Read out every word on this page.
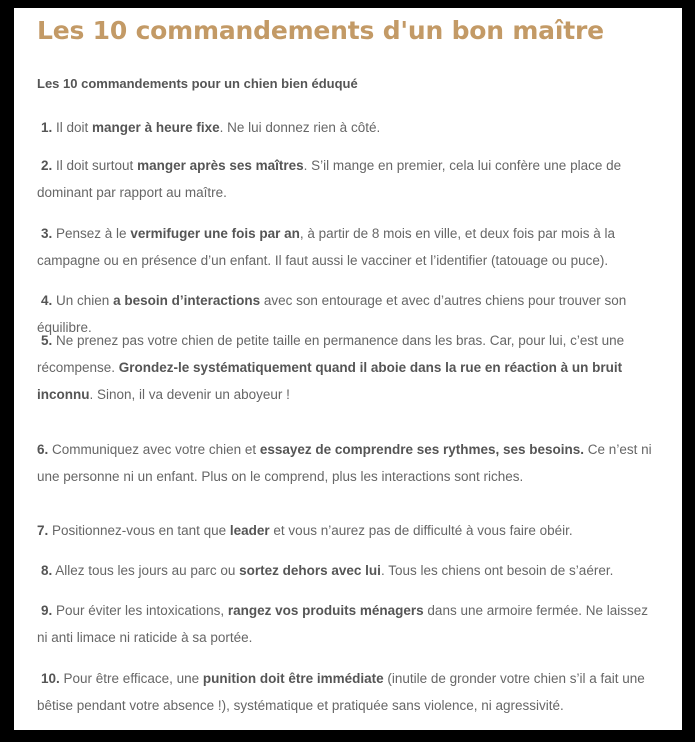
Les 10 commandements d'un bon maître
Les 10 commandements pour un chien bien éduqué

1. Il doit manger à heure fixe. Ne lui donnez rien à côté.

2. Il doit surtout manger après ses maîtres. S’il mange en premier, cela lui confère une place de dominant par rapport au maître.

3. Pensez à le vermifuger une fois par an, à partir de 8 mois en ville, et deux fois par mois à la campagne ou en présence d’un enfant. Il faut aussi le vacciner et l’identifier (tatouage ou puce).

4. Un chien a besoin d’interactions avec son entourage et avec d’autres chiens pour trouver son équilibre.

5. Ne prenez pas votre chien de petite taille en permanence dans les bras. Car, pour lui, c’est une récompense. Grondez-le systématiquement quand il aboie dans la rue en réaction à un bruit inconnu. Sinon, il va devenir un aboyeur !

6. Communiquez avec votre chien et essayez de comprendre ses rythmes, ses besoins. Ce n’est ni une personne ni un enfant. Plus on le comprend, plus les interactions sont riches.

7. Positionnez-vous en tant que leader et vous n’aurez pas de difficulté à vous faire obéir.

8. Allez tous les jours au parc ou sortez dehors avec lui. Tous les chiens ont besoin de s’aérer.

9. Pour éviter les intoxications, rangez vos produits ménagers dans une armoire fermée. Ne laissez ni anti limace ni raticide à sa portée.

10. Pour être efficace, une punition doit être immédiate (inutile de gronder votre chien s’il a fait une bêtise pendant votre absence !), systématique et pratiquée sans violence, ni agressivité.
